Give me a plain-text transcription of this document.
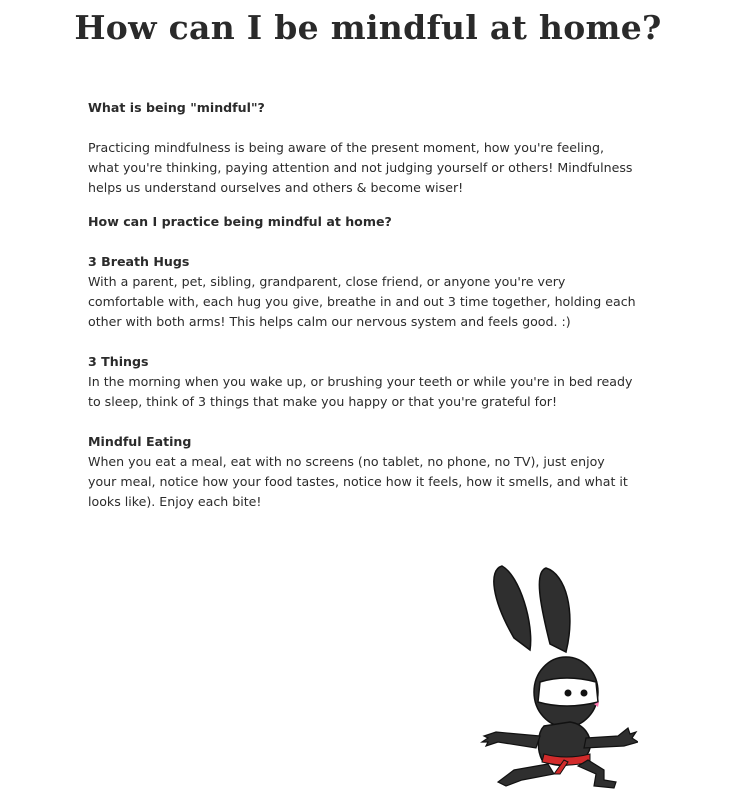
How can I be mindful at home?

What is being "mindful"?

Practicing mindfulness is being aware of the present moment, how you're feeling, what you're thinking, paying attention and not judging yourself or others! Mindfulness helps us understand ourselves and others & become wiser!

How can I practice being mindful at home?

3 Breath Hugs

With a parent, pet, sibling, grandparent, close friend, or anyone you're very comfortable with, each hug you give, breathe in and out 3 time together, holding each other with both arms! This helps calm our nervous system and feels good. :)

3 Things

In the morning when you wake up, or brushing your teeth or while you're in bed ready to sleep, think of 3 things that make you happy or that you're grateful for!

Mindful Eating

When you eat a meal, eat with no screens (no tablet, no phone, no TV), just enjoy your meal, notice how your food tastes, notice how it feels, how it smells, and what it looks like). Enjoy each bite!
